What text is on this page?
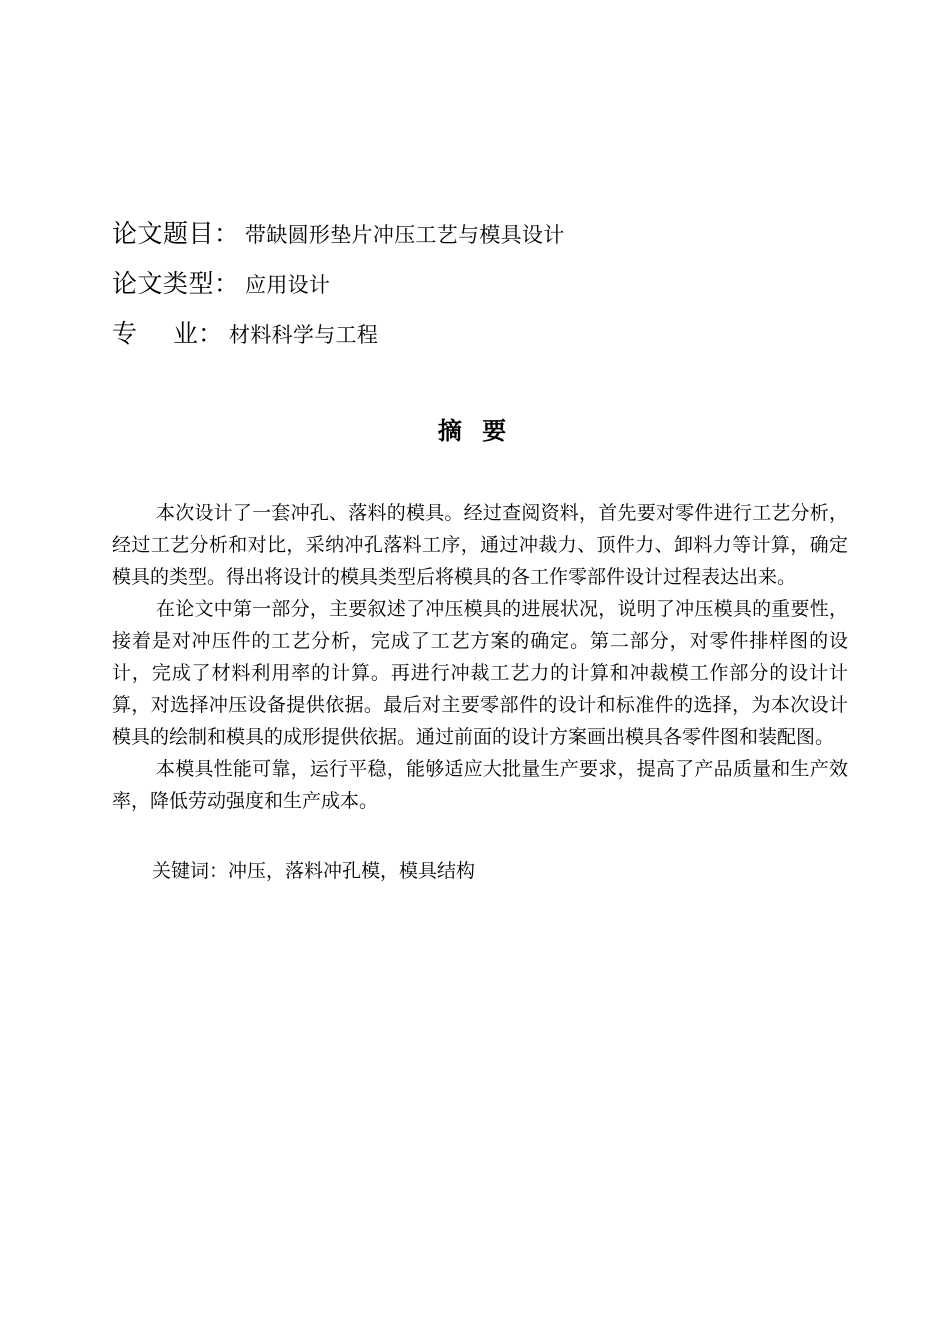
论文题目： 带缺圆形垫片冲压工艺与模具设计
论文类型： 应用设计
专 业： 材料科学与工程
摘 要

本次设计了一套冲孔、落料的模具。经过查阅资料，首先要对零件进行工艺分析，经过工艺分析和对比，采纳冲孔落料工序，通过冲裁力、顶件力、卸料力等计算，确定模具的类型。得出将设计的模具类型后将模具的各工作零部件设计过程表达出来。

在论文中第一部分，主要叙述了冲压模具的进展状况，说明了冲压模具的重要性，接着是对冲压件的工艺分析，完成了工艺方案的确定。第二部分，对零件排样图的设计，完成了材料利用率的计算。再进行冲裁工艺力的计算和冲裁模工作部分的设计计算，对选择冲压设备提供依据。最后对主要零部件的设计和标准件的选择，为本次设计模具的绘制和模具的成形提供依据。通过前面的设计方案画出模具各零件图和装配图。

本模具性能可靠，运行平稳，能够适应大批量生产要求，提高了产品质量和生产效率，降低劳动强度和生产成本。

关键词：冲压，落料冲孔模，模具结构
